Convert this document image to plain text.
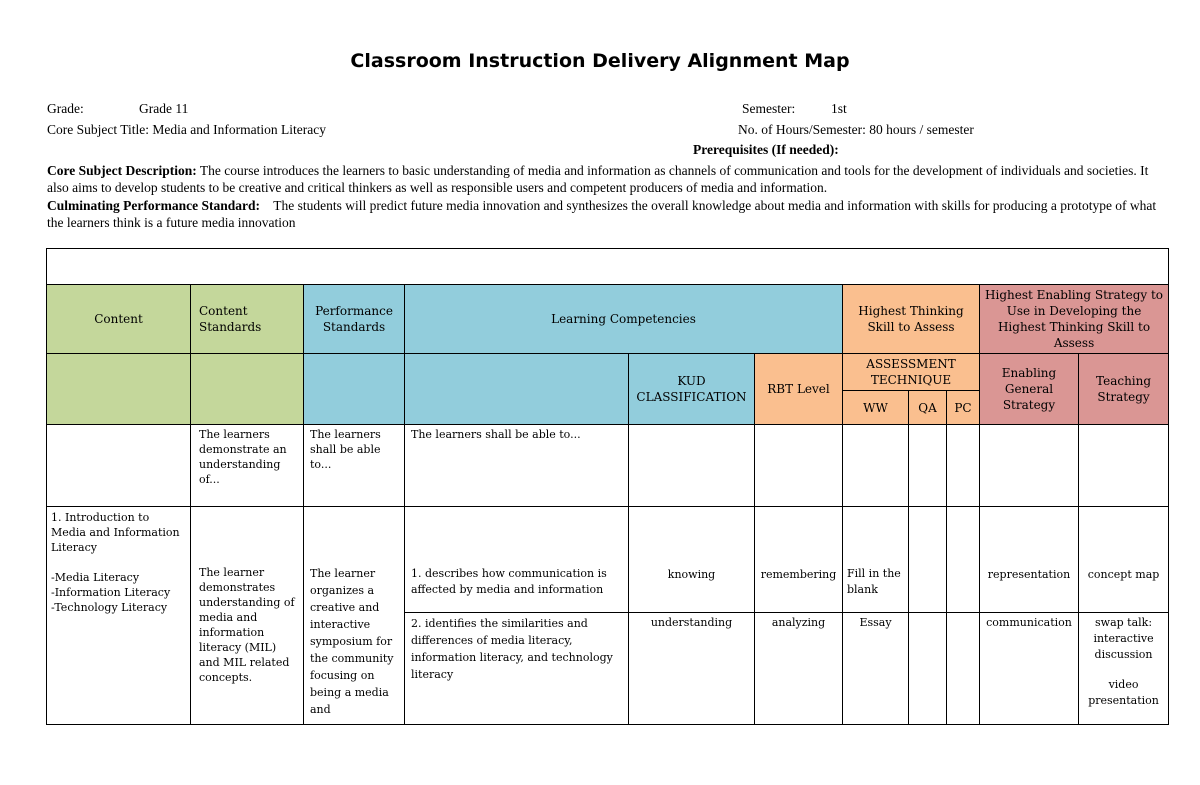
Classroom Instruction Delivery Alignment Map
Grade:	Grade 11	Semester:	1st
Core Subject Title: Media and Information Literacy	No. of Hours/Semester: 80 hours / semester
Prerequisites (If needed):
Core Subject Description: The course introduces the learners to basic understanding of media and information as channels of communication and tools for the development of individuals and societies. It also aims to develop students to be creative and critical thinkers as well as responsible users and competent producers of media and information.
Culminating Performance Standard:    The students will predict future media innovation and synthesizes the overall knowledge about media and information with skills for producing a prototype of what the learners think is a future media innovation

Content	Content Standards	Performance Standards	Learning Competencies			Highest Thinking Skill to Assess			Highest Enabling Strategy to Use in Developing the Highest Thinking Skill to Assess	
				KUD CLASSIFICATION	RBT Level	ASSESSMENT TECHNIQUE			Enabling General Strategy	Teaching Strategy
						WW	QA	PC		
	The learners demonstrate an understanding of...	The learners shall be able to...	The learners shall be able to...							

1. Introduction to Media and Information Literacy
-Media Literacy
-Information Literacy
-Technology Literacy	The learner demonstrates understanding of media and information literacy (MIL) and MIL related concepts.	The learner organizes a creative and interactive symposium for the community focusing on being a media and	1. describes how communication is affected by media and information	knowing	remembering	Fill in the blank			representation	concept map
			2. identifies the similarities and differences of media literacy, information literacy, and technology literacy	understanding	analyzing	Essay			communication	swap talk: interactive discussion
video presentation
